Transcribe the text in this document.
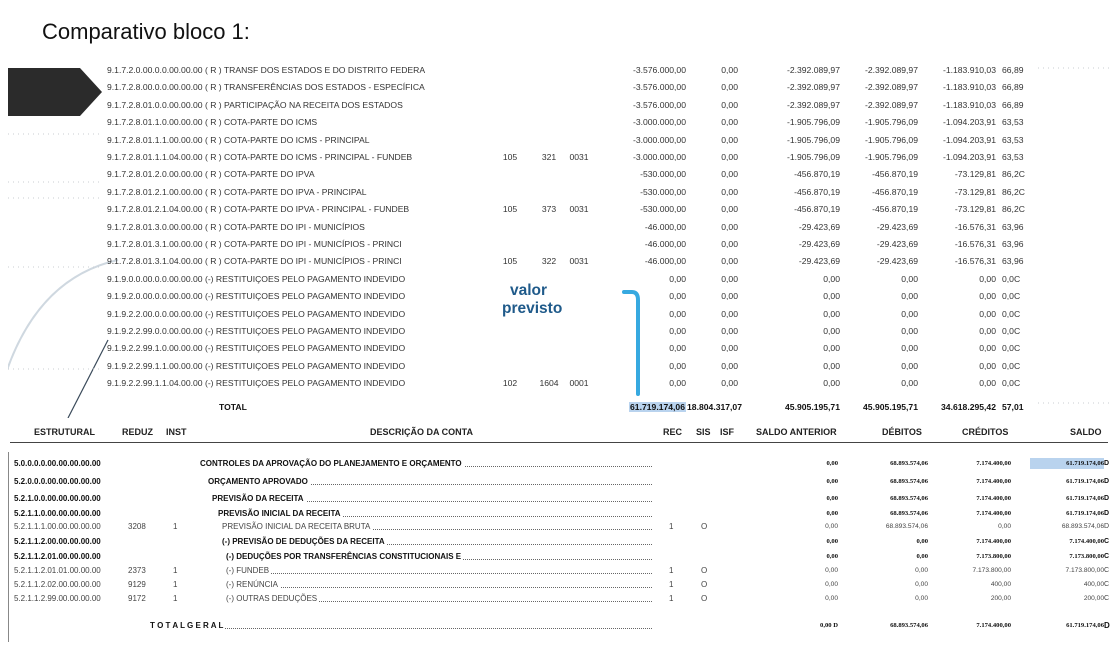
Comparativo bloco 1:
9.1.7.2.0.00.0.0.00.00.00 ( R ) TRANSF DOS ESTADOS E DO DISTRITO FEDERA	-3.576.000,00	0,00	-2.392.089,97	-2.392.089,97	-1.183.910,03 66,89
9.1.7.2.8.00.0.0.00.00.00 ( R ) TRANSFERÊNCIAS DOS ESTADOS - ESPECÍFICA	-3.576.000,00	0,00	-2.392.089,97	-2.392.089,97	-1.183.910,03 66,89
9.1.7.2.8.01.0.0.00.00.00 ( R ) PARTICIPAÇÃO NA RECEITA DOS ESTADOS	-3.576.000,00	0,00	-2.392.089,97	-2.392.089,97	-1.183.910,03 66,89
9.1.7.2.8.01.1.0.00.00.00 ( R ) COTA-PARTE DO ICMS	-3.000.000,00	0,00	-1.905.796,09	-1.905.796,09	-1.094.203,91 63,53
9.1.7.2.8.01.1.1.00.00.00 ( R ) COTA-PARTE DO ICMS - PRINCIPAL	-3.000.000,00	0,00	-1.905.796,09	-1.905.796,09	-1.094.203,91 63,53
9.1.7.2.8.01.1.1.04.00.00 ( R ) COTA-PARTE DO ICMS - PRINCIPAL - FUNDEB	105	321	0031	-3.000.000,00	0,00	-1.905.796,09	-1.905.796,09	-1.094.203,91 63,53
9.1.7.2.8.01.2.0.00.00.00 ( R ) COTA-PARTE DO IPVA	-530.000,00	0,00	-456.870,19	-456.870,19	-73.129,81 86,2C
9.1.7.2.8.01.2.1.00.00.00 ( R ) COTA-PARTE DO IPVA - PRINCIPAL	-530.000,00	0,00	-456.870,19	-456.870,19	-73.129,81 86,2C
9.1.7.2.8.01.2.1.04.00.00 ( R ) COTA-PARTE DO IPVA - PRINCIPAL - FUNDEB	105	373	0031	-530.000,00	0,00	-456.870,19	-456.870,19	-73.129,81 86,2C
9.1.7.2.8.01.3.0.00.00.00 ( R ) COTA-PARTE DO IPI - MUNICÍPIOS	-46.000,00	0,00	-29.423,69	-29.423,69	-16.576,31 63,96
9.1.7.2.8.01.3.1.00.00.00 ( R ) COTA-PARTE DO IPI - MUNICÍPIOS - PRINCI	-46.000,00	0,00	-29.423,69	-29.423,69	-16.576,31 63,96
9.1.7.2.8.01.3.1.04.00.00 ( R ) COTA-PARTE DO IPI - MUNICÍPIOS - PRINCI	105	322	0031	-46.000,00	0,00	-29.423,69	-29.423,69	-16.576,31 63,96
9.1.9.0.0.00.0.0.00.00.00 (-) RESTITUIÇOES PELO PAGAMENTO INDEVIDO	0,00	0,00	0,00	0,00	0,00 0,0C
9.1.9.2.0.00.0.0.00.00.00 (-) RESTITUIÇOES PELO PAGAMENTO INDEVIDO	0,00	0,00	0,00	0,00	0,00 0,0C
9.1.9.2.2.00.0.0.00.00.00 (-) RESTITUIÇOES PELO PAGAMENTO INDEVIDO	0,00	0,00	0,00	0,00	0,00 0,0C
9.1.9.2.2.99.0.0.00.00.00 (-) RESTITUIÇOES PELO PAGAMENTO INDEVIDO	0,00	0,00	0,00	0,00	0,00 0,0C
9.1.9.2.2.99.1.0.00.00.00 (-) RESTITUIÇOES PELO PAGAMENTO INDEVIDO	0,00	0,00	0,00	0,00	0,00 0,0C
9.1.9.2.2.99.1.1.00.00.00 (-) RESTITUIÇOES PELO PAGAMENTO INDEVIDO	0,00	0,00	0,00	0,00	0,00 0,0C
9.1.9.2.2.99.1.1.04.00.00 (-) RESTITUIÇOES PELO PAGAMENTO INDEVIDO	102	1604	0001	0,00	0,00	0,00	0,00	0,00 0,0C
TOTAL	61.719.174,06 18.804.317,07	45.905.195,71	45.905.195,71	34.618.295,42 57,01
valor
previsto
ESTRUTURAL	REDUZ INST	DESCRIÇÃO DA CONTA	REC SIS ISF SALDO ANTERIOR	DÉBITOS	CRÉDITOS	SALDO
5.0.0.0.0.00.00.00.00.00	CONTROLES DA APROVAÇÃO DO PLANEJAMENTO E ORÇAMENTO	0,00	68.893.574,06	7.174.400,00	61.719.174,06 D
5.2.0.0.0.00.00.00.00.00	ORÇAMENTO APROVADO	0,00	68.893.574,06	7.174.400,00	61.719.174,06 D
5.2.1.0.0.00.00.00.00.00	PREVISÃO DA RECEITA	0,00	68.893.574,06	7.174.400,00	61.719.174,06 D
5.2.1.1.0.00.00.00.00.00	PREVISÃO INICIAL DA RECEITA	0,00	68.893.574,06	7.174.400,00	61.719.174,06 D
5.2.1.1.1.00.00.00.00.00	3208	1	PREVISÃO INICIAL DA RECEITA BRUTA	1	O	0,00	68.893.574,06	0,00	68.893.574,06 D
5.2.1.1.2.00.00.00.00.00	(-) PREVISÃO DE DEDUÇÕES DA RECEITA	0,00	0,00	7.174.400,00	7.174.400,00 C
5.2.1.1.2.01.00.00.00.00	(-) DEDUÇÕES POR TRANSFERÊNCIAS CONSTITUCIONAIS E	0,00	0,00	7.173.800,00	7.173.800,00 C
5.2.1.1.2.01.01.00.00.00	2373	1	(-) FUNDEB	1	O	0,00	0,00	7.173.800,00	7.173.800,00 C
5.2.1.1.2.02.00.00.00.00	9129	1	(-) RENÚNCIA	1	O	0,00	0,00	400,00	400,00 C
5.2.1.1.2.99.00.00.00.00	9172	1	(-) OUTRAS DEDUÇÕES	1	O	0,00	0,00	200,00	200,00 C
T O T A L G E R A L	0,00 D	68.893.574,06	7.174.400,00	61.719.174,06 D
